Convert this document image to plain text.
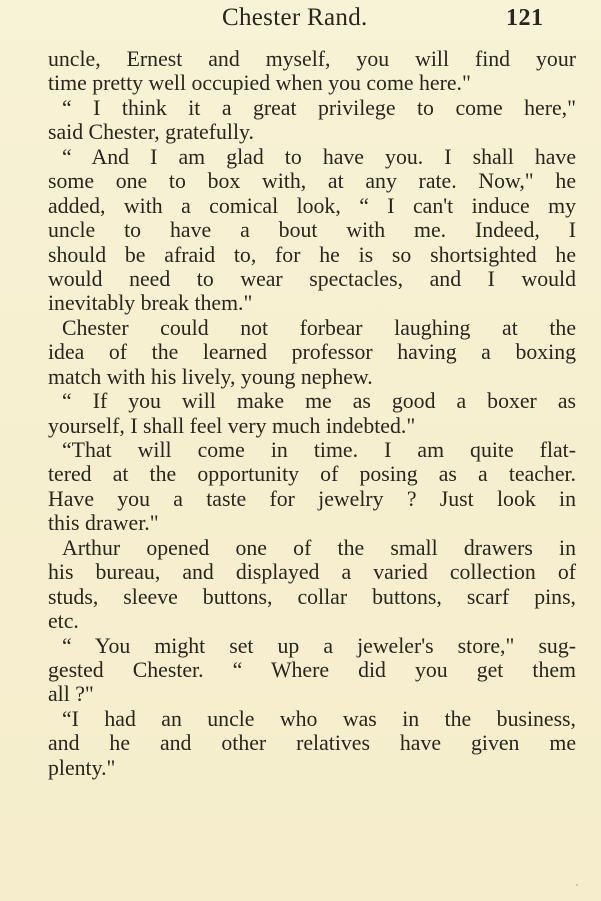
Chester Rand.	121
uncle, Ernest and myself, you will find your
time pretty well occupied when you come here."
“ I think it a great privilege to come here,"
said Chester, gratefully.
“ And I am glad to have you. I shall have
some one to box with, at any rate. Now," he
added, with a comical look, “ I can't induce my
uncle to have a bout with me. Indeed, I
should be afraid to, for he is so shortsighted he
would need to wear spectacles, and I would
inevitably break them."
Chester could not forbear laughing at the
idea of the learned professor having a boxing
match with his lively, young nephew.
“ If you will make me as good a boxer as
yourself, I shall feel very much indebted."
“That will come in time. I am quite flat-
tered at the opportunity of posing as a teacher.
Have you a taste for jewelry ? Just look in
this drawer."
Arthur opened one of the small drawers in
his bureau, and displayed a varied collection of
studs, sleeve buttons, collar buttons, scarf pins,
etc.
“ You might set up a jeweler's store," sug-
gested Chester. “ Where did you get them
all ?"
“I had an uncle who was in the business,
and he and other relatives have given me
plenty."
